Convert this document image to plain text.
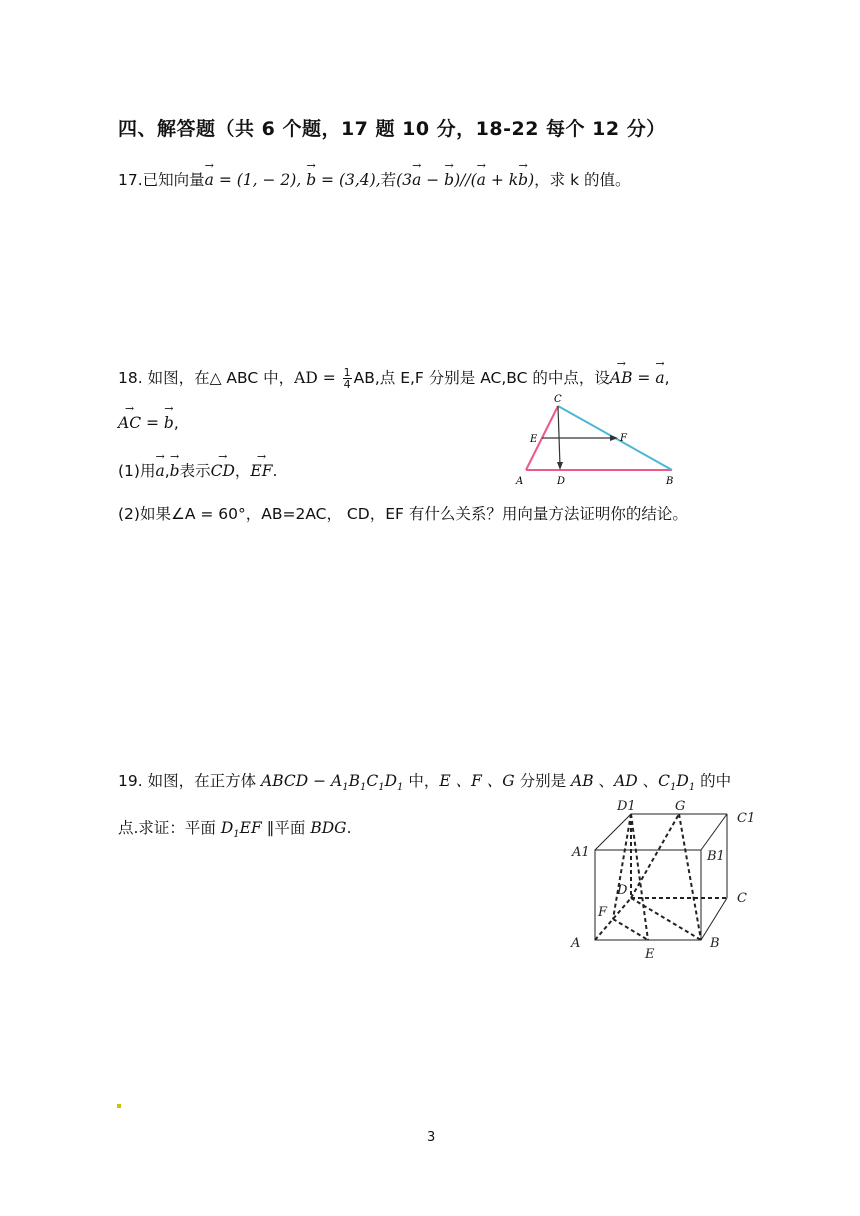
四、解答题（共 6 个题，17 题 10 分，18-22 每个 12 分）
17.已知向量→ a = (1, − 2), → b = (3,4),若(3→ a − → b)//(→ a + k→ b)，求 k 的值。
18. 如图，在△ ABC 中，AD = $\frac{1}{4}$ AB,点 E,F 分别是 AC,BC 的中点，设→ AB = → a,
→ AC = → b,
(1)用→ a,→ b表示→ CD，→ EF.
(2)如果∠A = 60°，AB=2AC， CD，EF 有什么关系？用向量方法证明你的结论。
C
E	F
A	D	B
19. 如图，在正方体 ABCD − $A_1B_1C_1D_1$ 中，E 、F 、G 分别是 AB 、AD 、$C_1D_1$ 的中
点.求证：平面 $D_1EF$ ∥平面 BDG.
D1	G
C1
A1	B1
D
C
F
A
E
B
3
